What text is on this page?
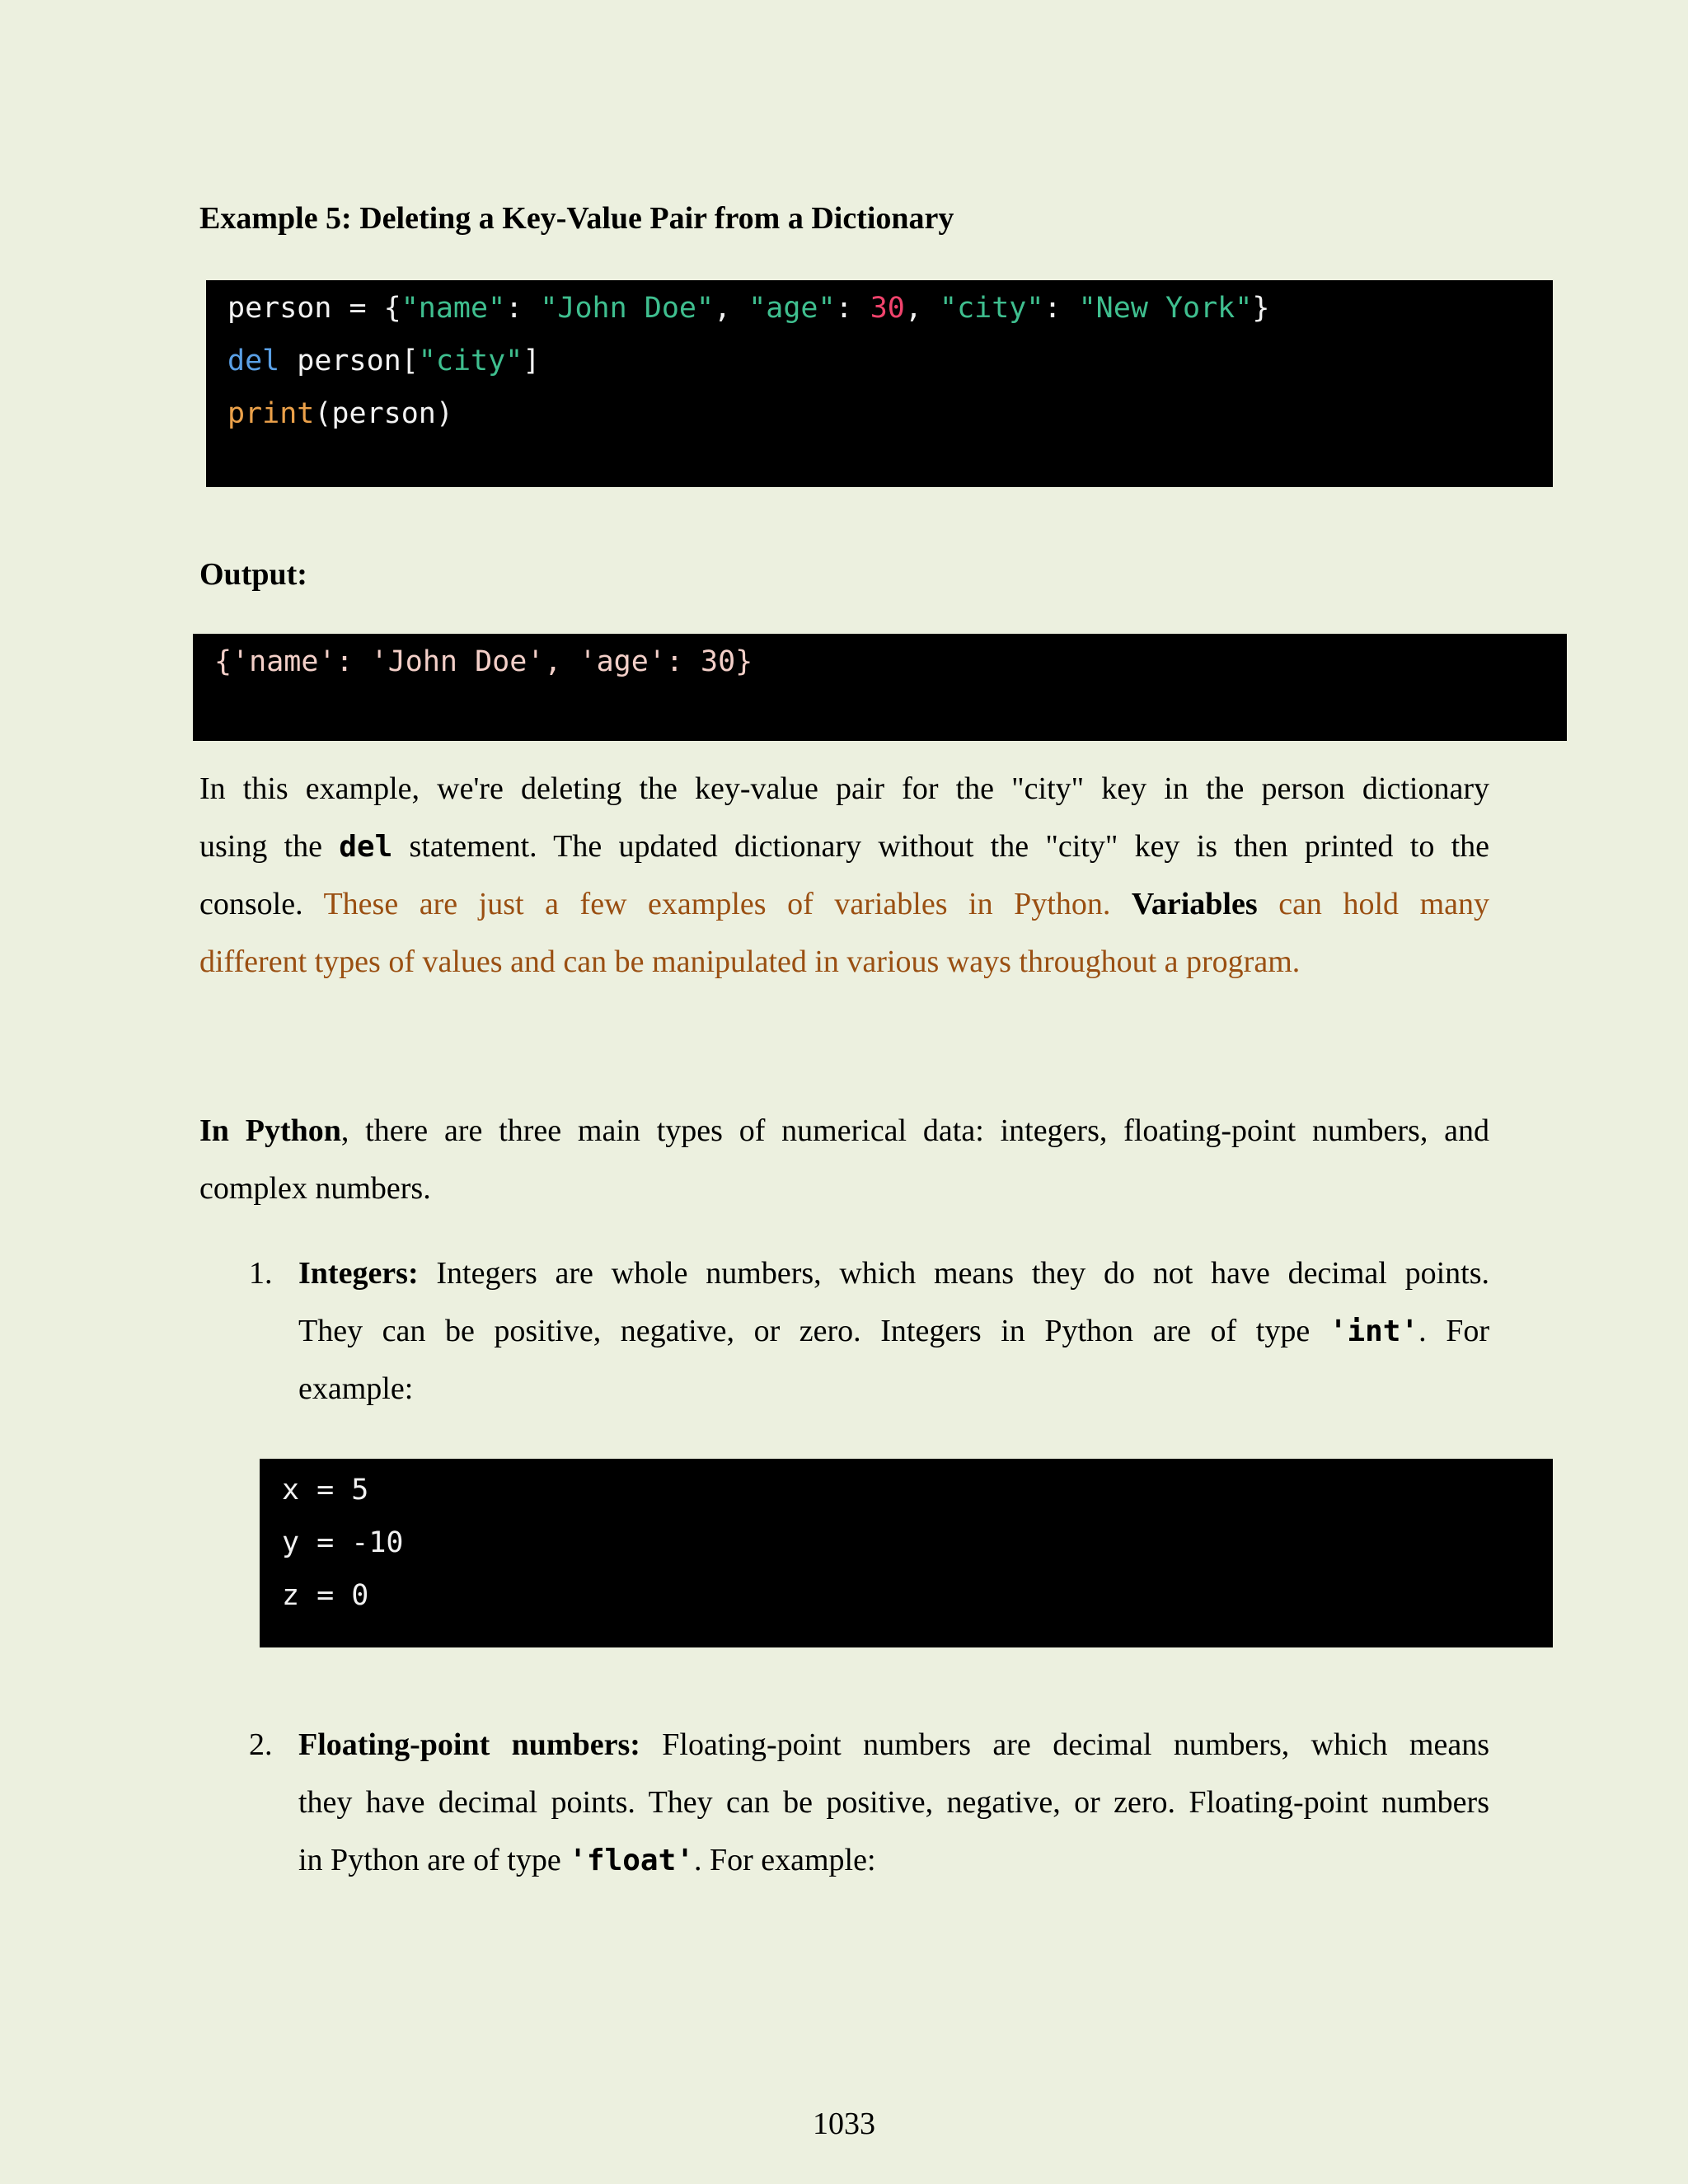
Example 5: Deleting a Key-Value Pair from a Dictionary
person = {"name": "John Doe", "age": 30, "city": "New York"}
del person["city"]
print(person)
Output:
{'name': 'John Doe', 'age': 30}
In this example, we're deleting the key-value pair for the "city" key in the person dictionary
using the del statement. The updated dictionary without the "city" key is then printed to the
console. These are just a few examples of variables in Python. Variables can hold many
different types of values and can be manipulated in various ways throughout a program.
In Python, there are three main types of numerical data: integers, floating-point numbers, and
complex numbers.
1. Integers: Integers are whole numbers, which means they do not have decimal points.
They can be positive, negative, or zero. Integers in Python are of type 'int'. For
example:
x = 5
y = -10
z = 0
2. Floating-point numbers: Floating-point numbers are decimal numbers, which means
they have decimal points. They can be positive, negative, or zero. Floating-point numbers
in Python are of type 'float'. For example:
1033
